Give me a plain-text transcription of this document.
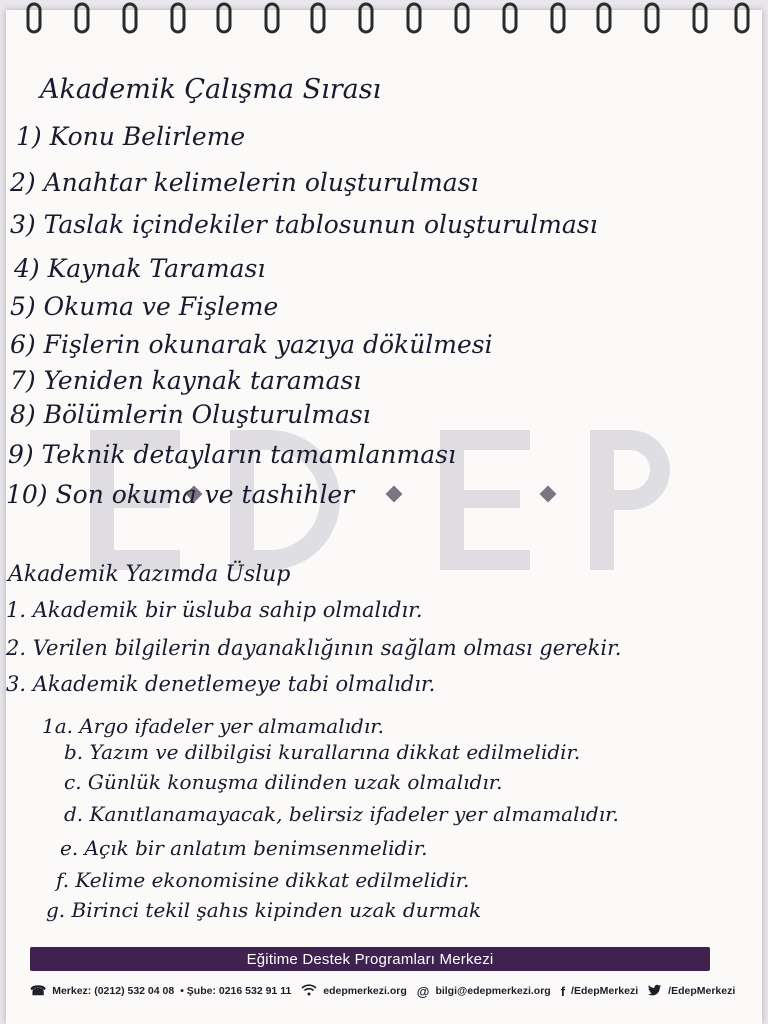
Akademik Çalışma Sırası
1) Konu Belirleme
2) Anahtar kelimelerin oluşturulması
3) Taslak içindekiler tablosunun oluşturulması
4) Kaynak Taraması
5) Okuma ve Fişleme
6) Fişlerin okunarak yazıya dökülmesi
7) Yeniden kaynak taraması
8) Bölümlerin Oluşturulması
9) Teknik detayların tamamlanması
10) Son okuma ve tashihler
Akademik Yazımda Üslup
1. Akademik bir üsluba sahip olmalıdır.
2. Verilen bilgilerin dayanaklığının sağlam olması gerekir.
3. Akademik denetlemeye tabi olmalıdır.
1a. Argo ifadeler yer almamalıdır.
b. Yazım ve dilbilgisi kurallarına dikkat edilmelidir.
c. Günlük konuşma dilinden uzak olmalıdır.
d. Kanıtlanamayacak, belirsiz ifadeler yer almamalıdır.
e. Açık bir anlatım benimsenmelidir.
f. Kelime ekonomisine dikkat edilmelidir.
g. Birinci tekil şahıs kipinden uzak durmak
Eğitime Destek Programları Merkezi
☎ Merkez: (0212) 532 04 08 • Şube: 0216 532 91 11	edepmerkezi.org @ bilgi@edepmerkezi.org f /EdepMerkezi	/EdepMerkezi
